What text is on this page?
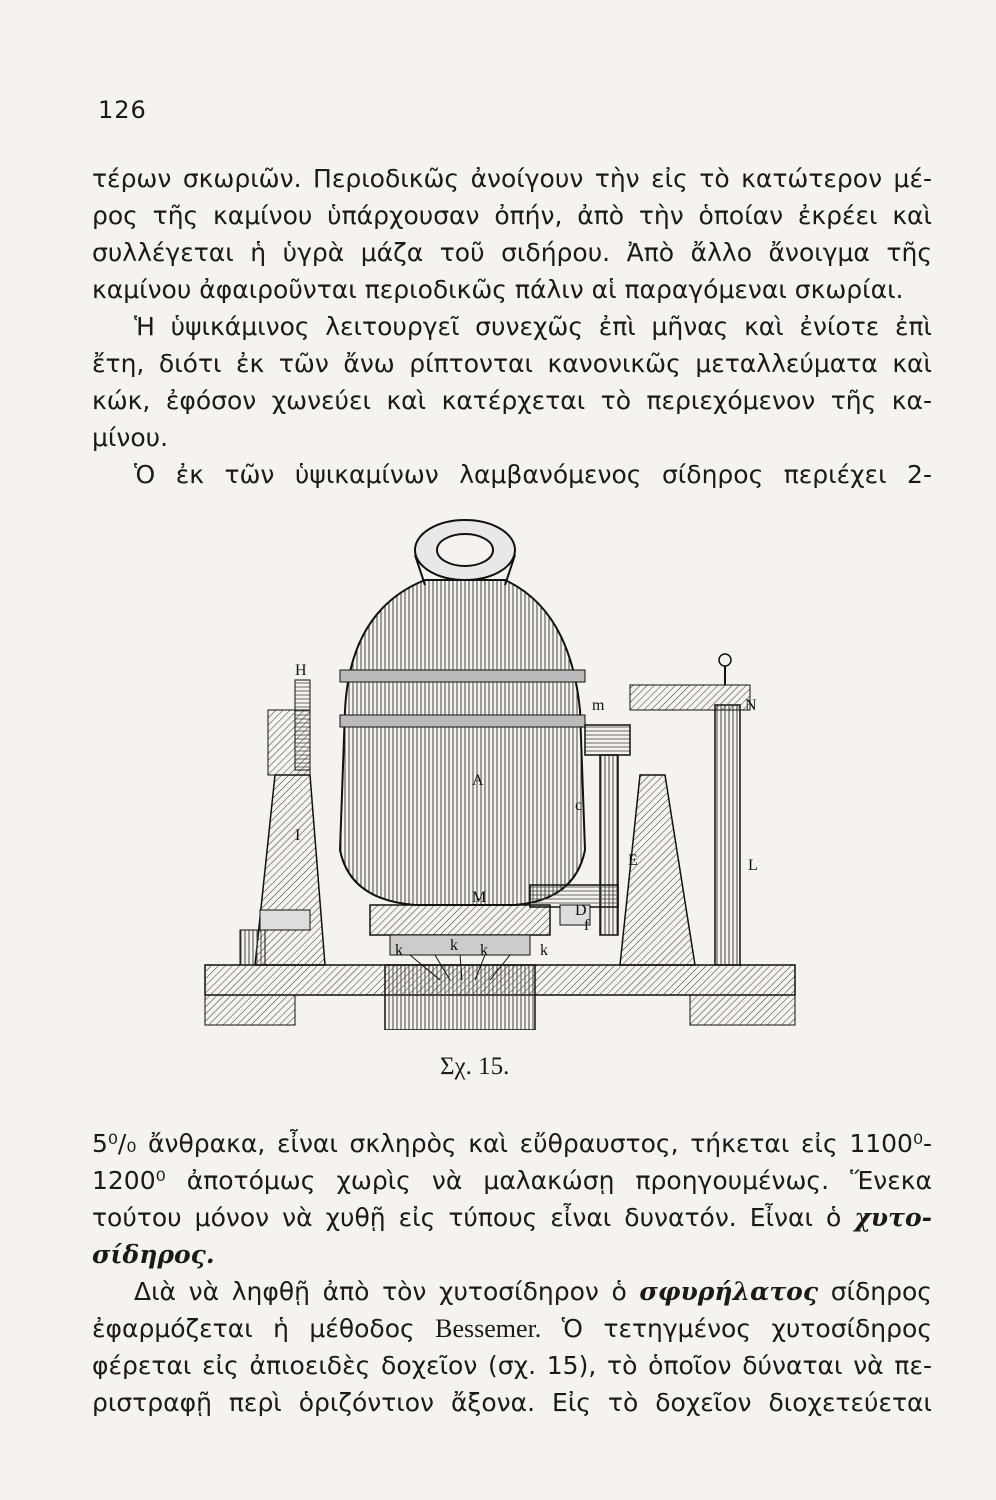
126
τέρων σκωριῶν. Περιοδικῶς ἀνοίγουν τὴν εἰς τὸ κατώτερον μέ-
ρος τῆς καμίνου ὑπάρχουσαν ὀπήν, ἀπὸ τὴν ὁποίαν ἐκρέει καὶ
συλλέγεται ἡ ὑγρὰ μάζα τοῦ σιδήρου. Ἀπὸ ἄλλο ἄνοιγμα τῆς
καμίνου ἀφαιροῦνται περιοδικῶς πάλιν αἱ παραγόμεναι σκωρίαι.
Ἡ ὑψικάμινος λειτουργεῖ συνεχῶς ἐπὶ μῆνας καὶ ἐνίοτε ἐπὶ
ἔτη, διότι ἐκ τῶν ἄνω ρίπτονται κανονικῶς μεταλλεύματα καὶ
κώκ, ἐφόσον χωνεύει καὶ κατέρχεται τὸ περιεχόμενον τῆς κα-
μίνου.
Ὁ ἐκ τῶν ὑψικαμίνων λαμβανόμενος σίδηρος περιέχει 2-
H
m	N
A
c
E	L
M
D
f
k	k k	k
I
Σχ. 15.
5⁰/₀ ἄνθρακα, εἶναι σκληρὸς καὶ εὔθραυστος, τήκεται εἰς 1100⁰-
1200⁰ ἀποτόμως χωρὶς νὰ μαλακώσῃ προηγουμένως. Ἕνεκα
τούτου μόνον νὰ χυθῇ εἰς τύπους εἶναι δυνατόν. Εἶναι ὁ χυτο-
σίδηρος.
Διὰ νὰ ληφθῇ ἀπὸ τὸν χυτοσίδηρον ὁ σφυρήλατος σίδηρος
ἐφαρμόζεται ἡ μέθοδος Bessemer. Ὁ τετηγμένος χυτοσίδηρος
φέρεται εἰς ἀπιοειδὲς δοχεῖον (σχ. 15), τὸ ὁποῖον δύναται νὰ πε-
ριστραφῇ περὶ ὁριζόντιον ἄξονα. Εἰς τὸ δοχεῖον διοχετεύεται
